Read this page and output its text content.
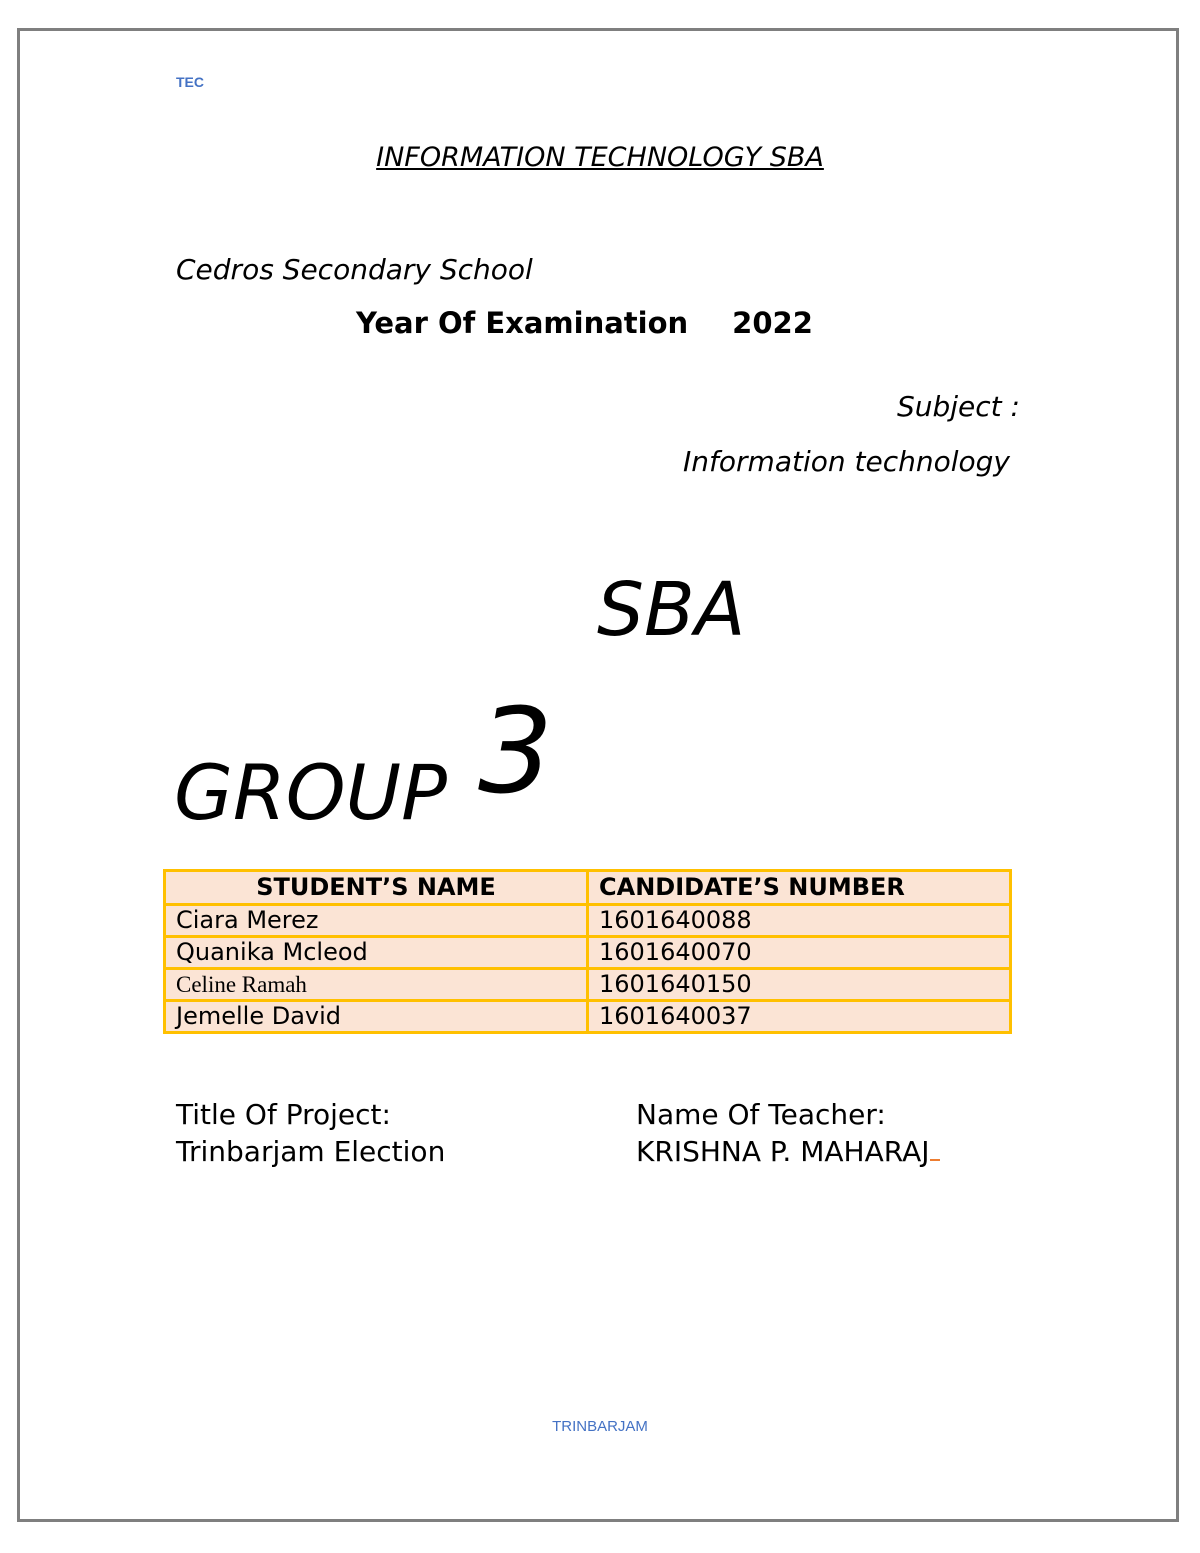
TEC
INFORMATION TECHNOLOGY SBA
Cedros Secondary School
Year Of Examination 2022
Subject :
Information technology
SBA
GROUP 3
STUDENT’S NAME	CANDIDATE’S NUMBER
Ciara Merez	1601640088
Quanika Mcleod	1601640070
Celine Ramah	1601640150
Jemelle David	1601640037
Title Of Project:
Trinbarjam Election
Name Of Teacher:
KRISHNA P. MAHARAJ
TRINBARJAM
